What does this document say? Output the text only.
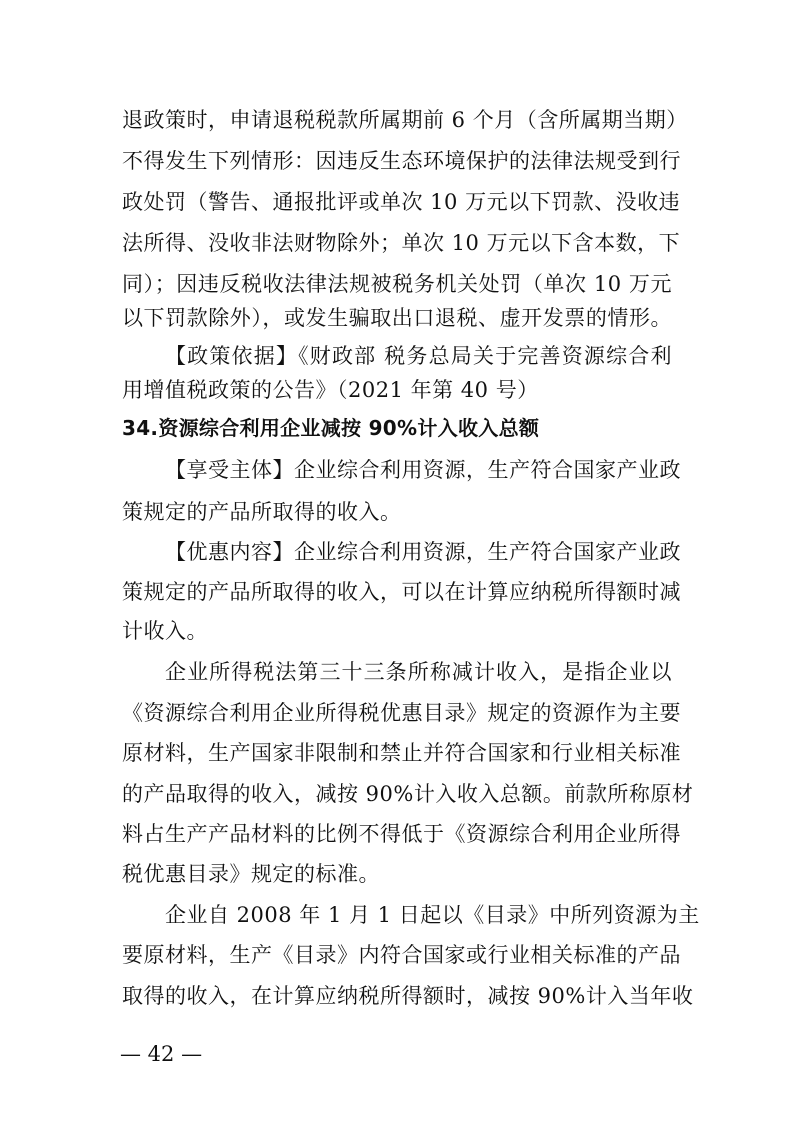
退政策时，申请退税税款所属期前 6 个月（含所属期当期）
不得发生下列情形：因违反生态环境保护的法律法规受到行
政处罚（警告、通报批评或单次 10 万元以下罚款、没收违
法所得、没收非法财物除外；单次 10 万元以下含本数，下
同）；因违反税收法律法规被税务机关处罚（单次 10 万元
以下罚款除外），或发生骗取出口退税、虚开发票的情形。
【政策依据】《财政部 税务总局关于完善资源综合利
用增值税政策的公告》（2021 年第 40 号）
34.资源综合利用企业减按 90%计入收入总额
【享受主体】企业综合利用资源，生产符合国家产业政
策规定的产品所取得的收入。
【优惠内容】企业综合利用资源，生产符合国家产业政
策规定的产品所取得的收入，可以在计算应纳税所得额时减
计收入。
企业所得税法第三十三条所称减计收入，是指企业以
《资源综合利用企业所得税优惠目录》规定的资源作为主要
原材料，生产国家非限制和禁止并符合国家和行业相关标准
的产品取得的收入，减按 90%计入收入总额。前款所称原材
料占生产产品材料的比例不得低于《资源综合利用企业所得
税优惠目录》规定的标准。
企业自 2008 年 1 月 1 日起以《目录》中所列资源为主
要原材料，生产《目录》内符合国家或行业相关标准的产品
取得的收入，在计算应纳税所得额时，减按 90%计入当年收
— 42 —
